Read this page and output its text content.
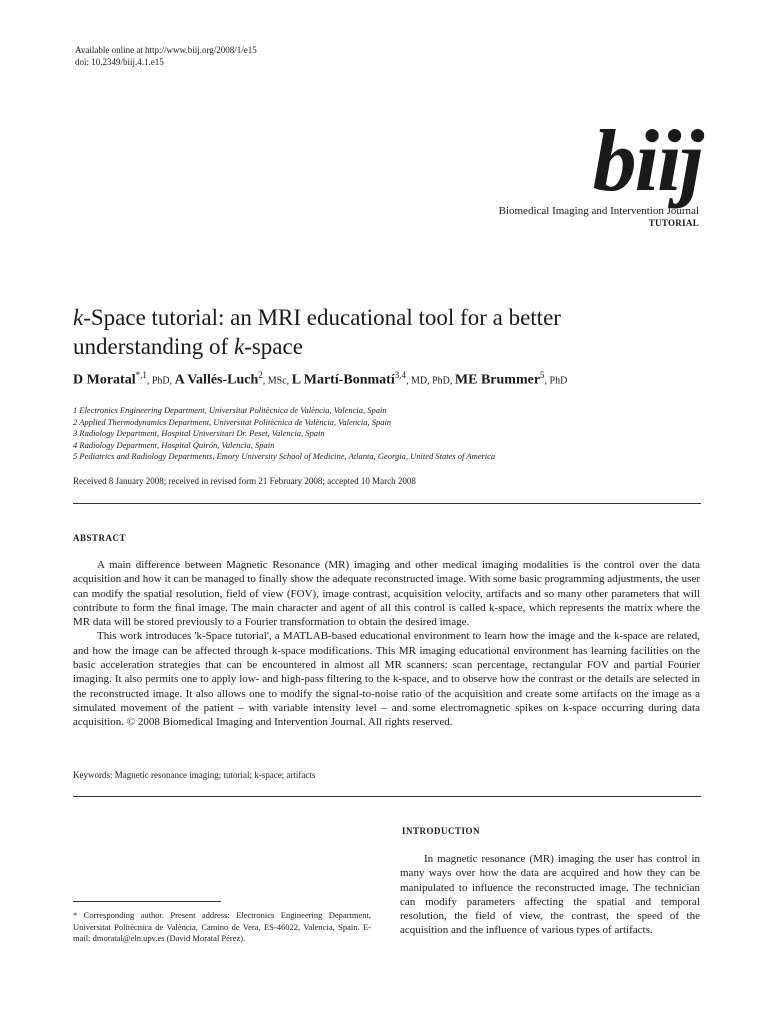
Available online at http://www.biij.org/2008/1/e15
doi: 10.2349/biij.4.1.e15
biij
Biomedical Imaging and Intervention Journal
TUTORIAL
k-Space tutorial: an MRI educational tool for a better
understanding of k-space
D Moratal$^{*,1}$, PhD, A Vallés-Luch$^2$, MSc, L Martí-Bonmatí$^{3,4}$, MD, PhD, ME Brummer$^5$, PhD
1 Electronics Engineering Department, Universitat Politècnica de València, Valencia, Spain
2 Applied Thermodynamics Department, Universitat Politècnica de València, Valencia, Spain
3 Radiology Department, Hospital Universitari Dr. Peset, Valencia, Spain
4 Radiology Department, Hospital Quirón, Valencia, Spain
5 Pediatrics and Radiology Departments, Emory University School of Medicine, Atlanta, Georgia, United States of America
Received 8 January 2008; received in revised form 21 February 2008; accepted 10 March 2008
ABSTRACT

A main difference between Magnetic Resonance (MR) imaging and other medical imaging modalities is the control over the data acquisition and how it can be managed to finally show the adequate reconstructed image. With some basic programming adjustments, the user can modify the spatial resolution, field of view (FOV), image contrast, acquisition velocity, artifacts and so many other parameters that will contribute to form the final image. The main character and agent of all this control is called k-space, which represents the matrix where the MR data will be stored previously to a Fourier transformation to obtain the desired image.

This work introduces 'k-Space tutorial', a MATLAB-based educational environment to learn how the image and the k-space are related, and how the image can be affected through k-space modifications. This MR imaging educational environment has learning facilities on the basic acceleration strategies that can be encountered in almost all MR scanners: scan percentage, rectangular FOV and partial Fourier imaging. It also permits one to apply low- and high-pass filtering to the k-space, and to observe how the contrast or the details are selected in the reconstructed image. It also allows one to modify the signal-to-noise ratio of the acquisition and create some artifacts on the image as a simulated movement of the patient – with variable intensity level – and some electromagnetic spikes on k-space occurring during data acquisition. © 2008 Biomedical Imaging and Intervention Journal. All rights reserved.

Keywords: Magnetic resonance imaging; tutorial; k-space; artifacts
INTRODUCTION

In magnetic resonance (MR) imaging the user has control in many ways over how the data are acquired and how they can be manipulated to influence the reconstructed image. The technician can modify parameters affecting the spatial and temporal resolution, the field of view, the contrast, the speed of the acquisition and the influence of various types of artifacts.

* Corresponding author. Present address: Electronics Engineering Department, Universitat Politècnica de València, Camino de Vera, ES-46022, Valencia, Spain. E-mail: dmoratal@eln.upv.es (David Moratal Pérez).
